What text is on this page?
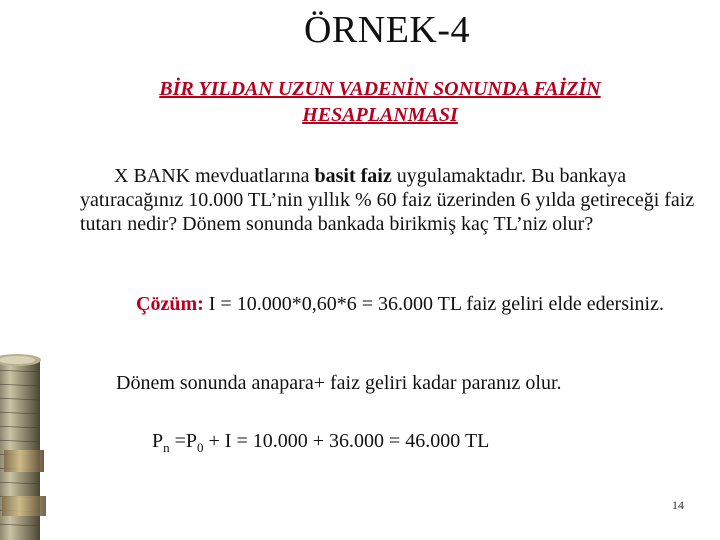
ÖRNEK-4
BİR YILDAN UZUN VADENİN SONUNDA FAİZİN
HESAPLANMASI
X BANK mevduatlarına basit faiz uygulamaktadır. Bu bankaya yatıracağınız 10.000 TL’nin yıllık % 60 faiz üzerinden 6 yılda getireceği faiz tutarı nedir? Dönem sonunda bankada birikmiş kaç TL’niz olur?
Çözüm: I = 10.000*0,60*6 = 36.000 TL faiz geliri elde edersiniz.
Dönem sonunda anapara+ faiz geliri kadar paranız olur.
$P_n =P_0 + I = 10.000 + 36.000 = 46.000$ TL
14
